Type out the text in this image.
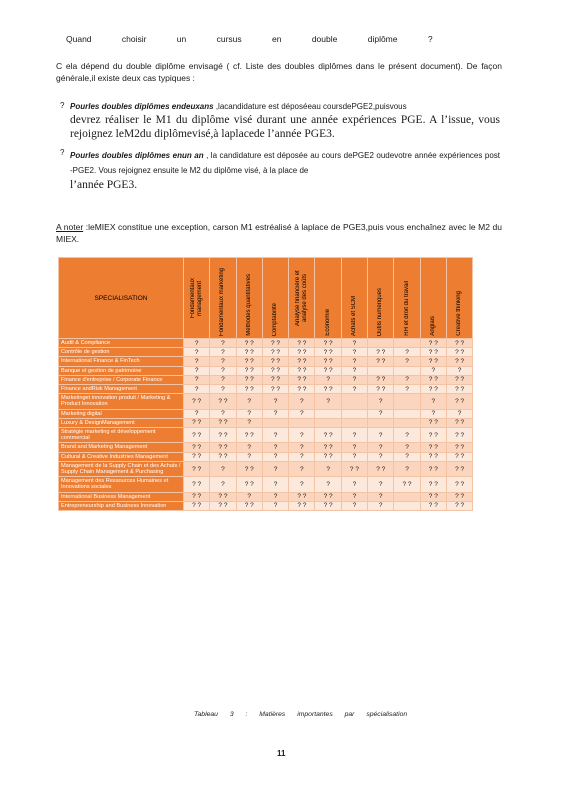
Quand choisir un cursus en double diplôme ?
C ela dépend du double diplôme envisagé ( cf. Liste des doubles diplômes dans le présent document). De façon générale,il existe deux cas typiques :
? Pourles doubles diplômes endeuxans ,lacandidature est déposéeau coursdePGE2,puisvous
devrez réaliser le M1 du diplôme visé durant une année expériences PGE. A l’issue, vous rejoignez leM2du diplômevisé,à laplacede l’année PGE3.
? Pourles doubles diplômes enun an , la candidature est déposée au cours dePGE2 oudevotre année expériences post -PGE2. Vous rejoignez ensuite le M2 du diplôme visé, à la place de
l’année PGE3.
A noter :leMIEX constitue une exception, carson M1 estréalisé à laplace de PGE3,puis vous enchaînez avec le M2 du MIEX.
SPECIALISATION	Fondamentaux management	Fondamentaux marketing	Méthodes quantitatives	Comptabilité	Analyse financière et analyse des coûts	Economie	Achats et SCM	Outils numériques	RH et droit du travail	Anglais	Creative thinking

Audit & Compliance	?	?	? ?	? ?	? ?	? ?	?			? ?	? ?
Contrôle de gestion	?	?	? ?	? ?	? ?	? ?	?	? ?	?	? ?	? ?
International Finance & FinTech	?	?	? ?	? ?	? ?	? ?	?	? ?	?	? ?	? ?
Banque et gestion de patrimoine	?	?	? ?	? ?	? ?	? ?	?			?	?
Finance d'entreprise / Corporate Finance	?	?	? ?	? ?	? ?	?	?	? ?	?	? ?	? ?
Finance andRisk Management	?	?	? ?	? ?	? ?	? ?	?	? ?	?	? ?	? ?
Marketinget innovation produit / Marketing & Product Innovation	? ?	? ?	?	?	?	?		?		?	? ?
Marketing digital	?	?	?	?	?			?		?	?
Luxury & DesignManagement	? ?	? ?	?							? ?	? ?
Stratégie marketing et développement commercial	? ?	? ?	? ?	?	?	? ?	?	?	?	? ?	? ?
Brand and Marketing Management	? ?	? ?	?	?	?	? ?	?	?	?	? ?	? ?
Cultural & Creative Industries Management	? ?	? ?	?	?	?	? ?	?	?	?	? ?	? ?
Management de la Supply Chain et des Achats / Supply Chain Management & Purchasing	? ?	?	? ?	?	?	?	? ?	? ?	?	? ?	? ?
Management des Ressources Humaines et Innovations sociales	? ?	?	? ?	?	?	?	?	?	? ?	? ?	? ?
International Business Management	? ?	? ?	?	?	? ?	? ?	?	?		? ?	? ?
Entrepreneurship and Business Innovation	? ?	? ?	? ?	?	? ?	? ?	?	?		? ?	? ?
Tableau 3 : Matières importantes par spécialisation
11
